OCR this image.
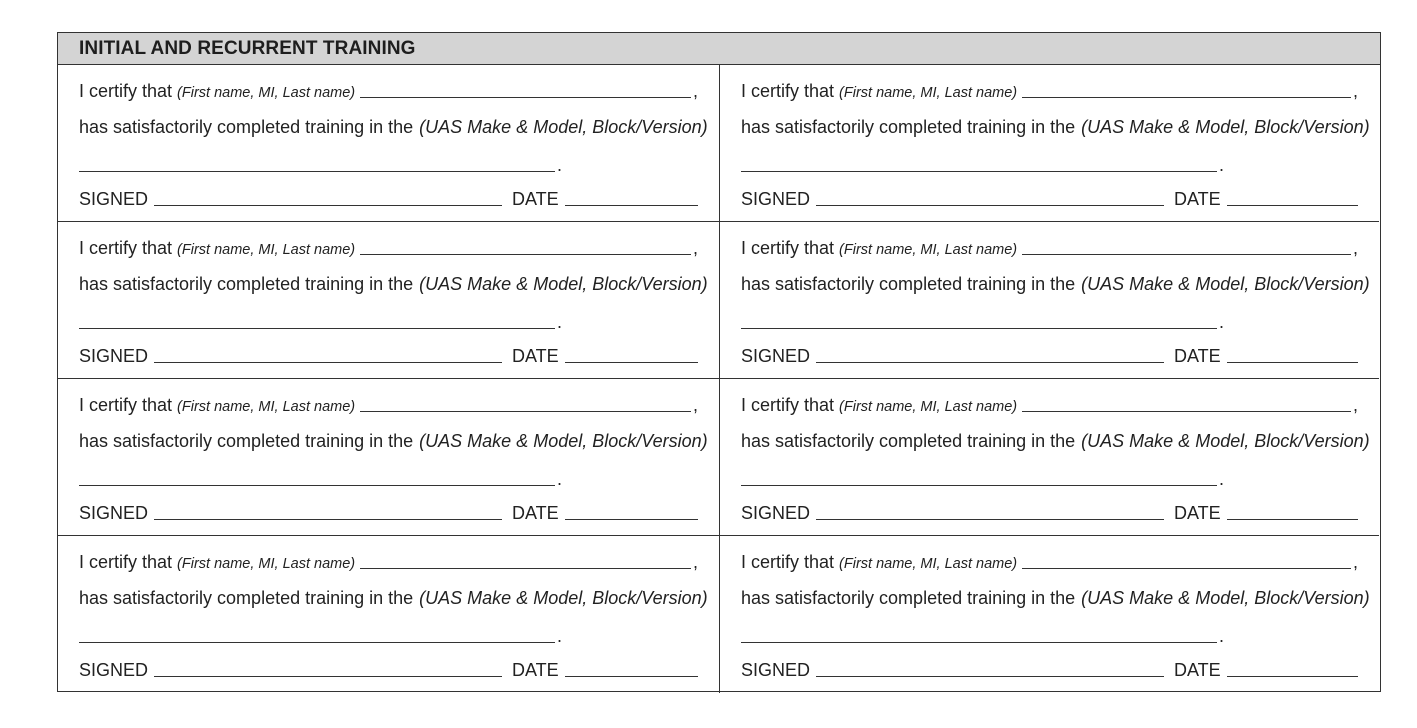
INITIAL AND RECURRENT TRAINING
I certify that (First name, MI, Last name)	,
has satisfactorily completed training in the (UAS Make & Model, Block/Version)
.
SIGNED	DATE
I certify that (First name, MI, Last name)	,
has satisfactorily completed training in the (UAS Make & Model, Block/Version)
.
SIGNED	DATE
I certify that (First name, MI, Last name)	,
has satisfactorily completed training in the (UAS Make & Model, Block/Version)
.
SIGNED	DATE
I certify that (First name, MI, Last name)	,
has satisfactorily completed training in the (UAS Make & Model, Block/Version)
.
SIGNED	DATE
I certify that (First name, MI, Last name)	,
has satisfactorily completed training in the (UAS Make & Model, Block/Version)
.
SIGNED	DATE
I certify that (First name, MI, Last name)	,
has satisfactorily completed training in the (UAS Make & Model, Block/Version)
.
SIGNED	DATE
I certify that (First name, MI, Last name)	,
has satisfactorily completed training in the (UAS Make & Model, Block/Version)
.
SIGNED	DATE
I certify that (First name, MI, Last name)	,
has satisfactorily completed training in the (UAS Make & Model, Block/Version)
.
SIGNED	DATE
